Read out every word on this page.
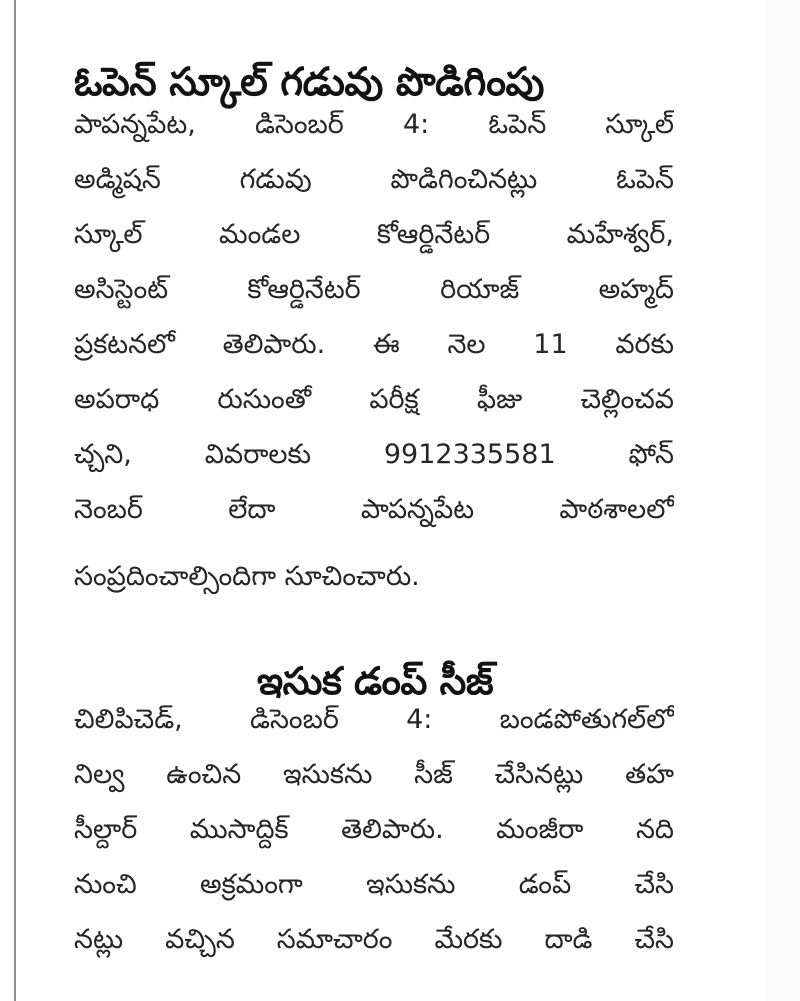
ఓపెన్ స్కూల్ గడువు పొడిగింపు
పాపన్నపేట, డిసెంబర్ 4: ఓపెన్ స్కూల్
అడ్మిషన్ గడువు పొడిగించినట్లు ఓపెన్
స్కూల్ మండల కోఆర్డినేటర్ మహేశ్వర్,
అసిస్టెంట్ కోఆర్డినేటర్ రియాజ్ అహ్మద్
ప్రకటనలో తెలిపారు. ఈ నెల 11 వరకు
అపరాధ రుసుంతో పరీక్ష ఫీజు చెల్లించవ
చ్చని, వివరాలకు 9912335581 ఫోన్
నెంబర్ లేదా పాపన్నపేట పాఠశాలలో
సంప్రదించాల్సిందిగా సూచించారు.
ఇసుక డంప్ సీజ్
చిలిపిచెడ్, డిసెంబర్ 4: బండపోతుగల్‌లో
నిల్వ ఉంచిన ఇసుకను సీజ్ చేసినట్లు తహ
సీల్దార్ ముసాద్దిక్ తెలిపారు. మంజీరా నది
నుంచి అక్రమంగా ఇసుకను డంప్ చేసి
నట్లు వచ్చిన సమాచారం మేరకు దాడి చేసి
